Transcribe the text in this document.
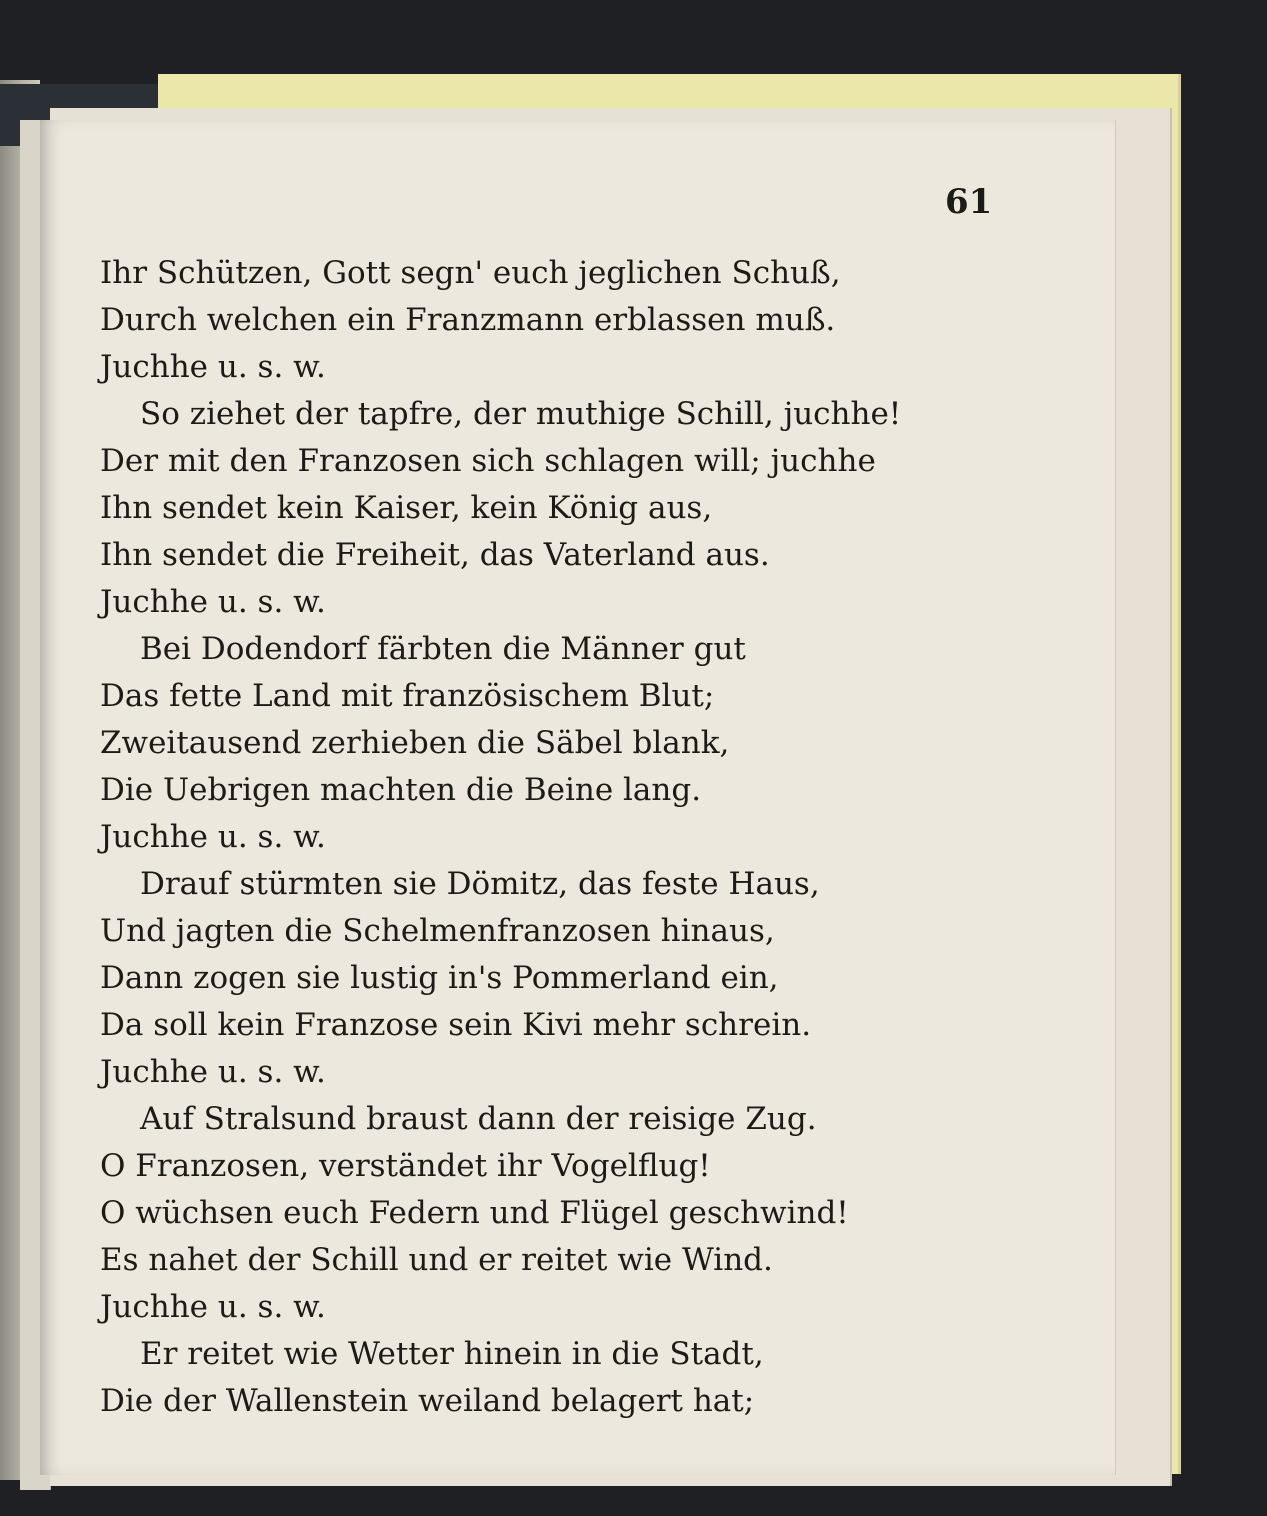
61
Ihr Schützen, Gott segn' euch jeglichen Schuß,
Durch welchen ein Franzmann erblassen muß.
Juchhe u. s. w.
So ziehet der tapfre, der muthige Schill, juchhe!
Der mit den Franzosen sich schlagen will; juchhe
Ihn sendet kein Kaiser, kein König aus,
Ihn sendet die Freiheit, das Vaterland aus.
Juchhe u. s. w.
Bei Dodendorf färbten die Männer gut
Das fette Land mit französischem Blut;
Zweitausend zerhieben die Säbel blank,
Die Uebrigen machten die Beine lang.
Juchhe u. s. w.
Drauf stürmten sie Dömitz, das feste Haus,
Und jagten die Schelmenfranzosen hinaus,
Dann zogen sie lustig in's Pommerland ein,
Da soll kein Franzose sein Kivi mehr schrein.
Juchhe u. s. w.
Auf Stralsund braust dann der reisige Zug.
O Franzosen, verständet ihr Vogelflug!
O wüchsen euch Federn und Flügel geschwind!
Es nahet der Schill und er reitet wie Wind.
Juchhe u. s. w.
Er reitet wie Wetter hinein in die Stadt,
Die der Wallenstein weiland belagert hat;
